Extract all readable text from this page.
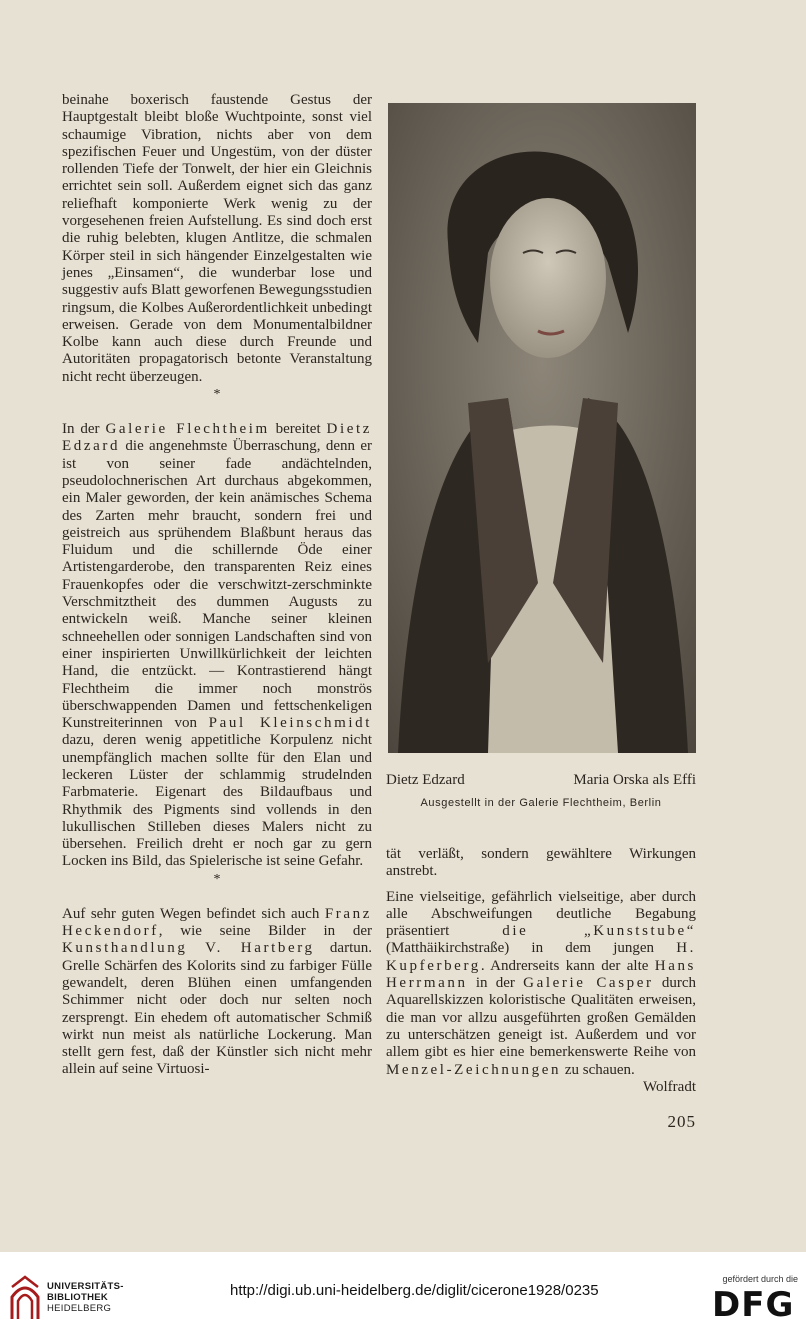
beinahe boxerisch faustende Gestus der Hauptgestalt bleibt bloße Wuchtpointe, sonst viel schaumige Vibration, nichts aber von dem spezifischen Feuer und Ungestüm, von der düster rollenden Tiefe der Tonwelt, der hier ein Gleichnis errichtet sein soll. Außerdem eignet sich das ganz reliefhaft komponierte Werk wenig zu der vorgesehenen freien Aufstellung. Es sind doch erst die ruhig belebten, klugen Antlitze, die schmalen Körper steil in sich hängender Einzelgestalten wie jenes „Einsamen“, die wunderbar lose und suggestiv aufs Blatt geworfenen Bewegungsstudien ringsum, die Kolbes Außerordentlichkeit unbedingt erweisen. Gerade von dem Monumentalbildner Kolbe kann auch diese durch Freunde und Autoritäten propagatorisch betonte Veranstaltung nicht recht überzeugen.

*

In der Galerie Flechtheim bereitet Dietz Edzard die angenehmste Überraschung, denn er ist von seiner fade andächtelnden, pseudolochnerischen Art durchaus abgekommen, ein Maler geworden, der kein anämisches Schema des Zarten mehr braucht, sondern frei und geistreich aus sprühendem Blaßbunt heraus das Fluidum und die schillernde Öde einer Artistengarderobe, den transparenten Reiz eines Frauenkopfes oder die verschwitzt-zerschminkte Verschmitztheit des dummen Augusts zu entwickeln weiß. Manche seiner kleinen schneehellen oder sonnigen Landschaften sind von einer inspirierten Unwillkürlichkeit der leichten Hand, die entzückt. — Kontrastierend hängt Flechtheim die immer noch monströs überschwappenden Damen und fettschenkeligen Kunstreiterinnen von Paul Kleinschmidt dazu, deren wenig appetitliche Korpulenz nicht unempfänglich machen sollte für den Elan und leckeren Lüster der schlammig strudelnden Farbmaterie. Eigenart des Bildaufbaus und Rhythmik des Pigments sind vollends in den lukullischen Stilleben dieses Malers nicht zu übersehen. Freilich dreht er noch gar zu gern Locken ins Bild, das Spielerische ist seine Gefahr.

*

Auf sehr guten Wegen befindet sich auch Franz Heckendorf, wie seine Bilder in der Kunsthandlung V. Hartberg dartun. Grelle Schärfen des Kolorits sind zu farbiger Fülle gewandelt, deren Blühen einen umfangenden Schimmer nicht oder doch nur selten noch zersprengt. Ein ehedem oft automatischer Schmiß wirkt nun meist als natürliche Lockerung. Man stellt gern fest, daß der Künstler sich nicht mehr allein auf seine Virtuosi-

Dietz Edzard	Maria Orska als Effi
Ausgestellt in der Galerie Flechtheim, Berlin

tät verläßt, sondern gewähltere Wirkungen anstrebt.

Eine vielseitige, gefährlich vielseitige, aber durch alle Abschweifungen deutliche Begabung präsentiert die „Kunststube“ (Matthäikirchstraße) in dem jungen H. Kupferberg. Andrerseits kann der alte Hans Herrmann in der Galerie Casper durch Aquarellskizzen koloristische Qualitäten erweisen, die man vor allzu ausgeführten großen Gemälden zu unterschätzen geneigt ist. Außerdem und vor allem gibt es hier eine bemerkenswerte Reihe von Menzel-Zeichnungen zu schauen.

Wolfradt
205
UNIVERSITÄTS-
BIBLIOTHEK
HEIDELBERG
http://digi.ub.uni-heidelberg.de/diglit/cicerone1928/0235
gefördert durch die
DFG
